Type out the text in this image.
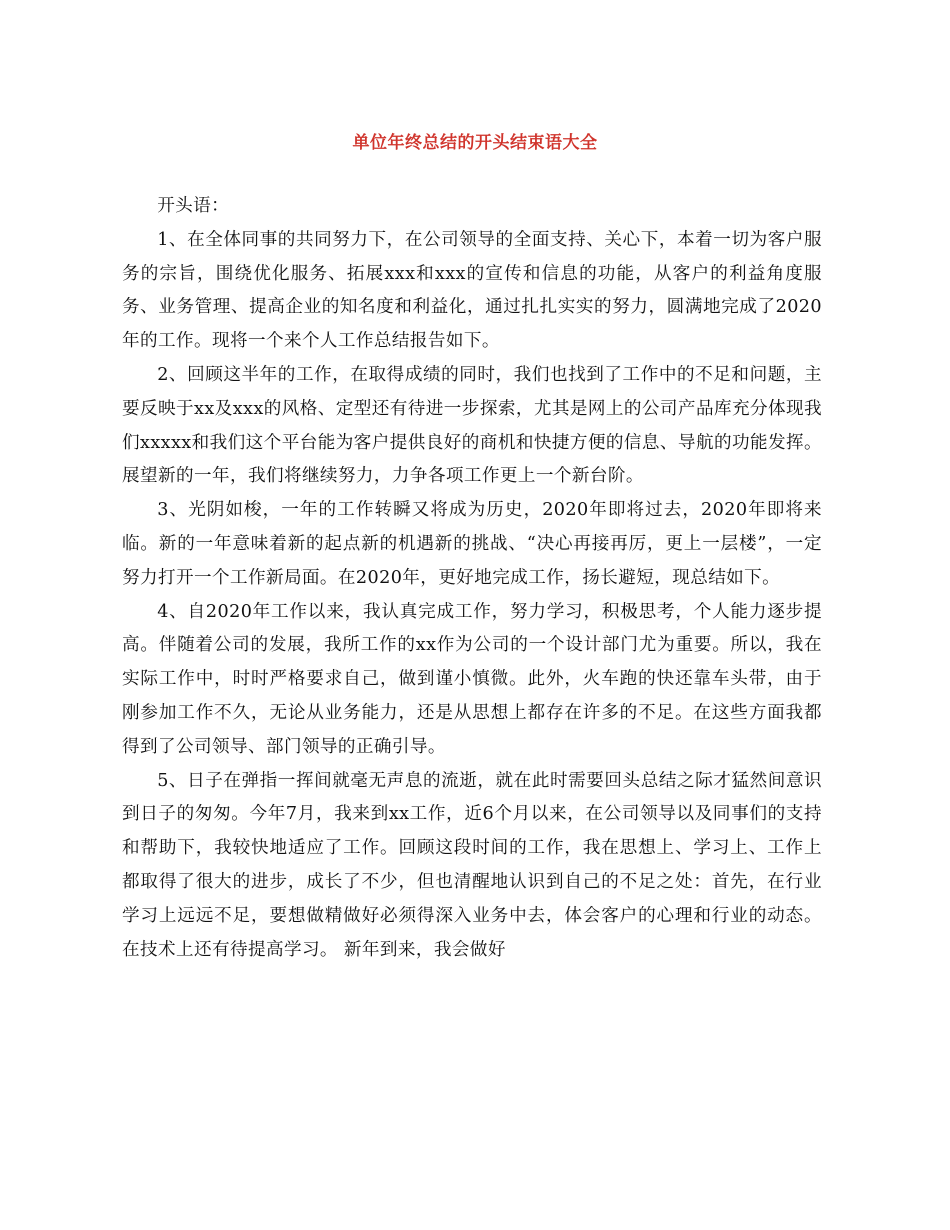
单位年终总结的开头结束语大全

开头语：

1、在全体同事的共同努力下，在公司领导的全面支持、关心下，本着一切为客户服务的宗旨，围绕优化服务、拓展xxx和xxx的宣传和信息的功能，从客户的利益角度服务、业务管理、提高企业的知名度和利益化，通过扎扎实实的努力，圆满地完成了2020年的工作。现将一个来个人工作总结报告如下。

2、回顾这半年的工作，在取得成绩的同时，我们也找到了工作中的不足和问题，主要反映于xx及xxx的风格、定型还有待进一步探索，尤其是网上的公司产品库充分体现我们xxxxx和我们这个平台能为客户提供良好的商机和快捷方便的信息、导航的功能发挥。展望新的一年，我们将继续努力，力争各项工作更上一个新台阶。

3、光阴如梭，一年的工作转瞬又将成为历史，2020年即将过去，2020年即将来临。新的一年意味着新的起点新的机遇新的挑战、“决心再接再厉，更上一层楼”，一定努力打开一个工作新局面。在2020年，更好地完成工作，扬长避短，现总结如下。

4、自2020年工作以来，我认真完成工作，努力学习，积极思考，个人能力逐步提高。伴随着公司的发展，我所工作的xx作为公司的一个设计部门尤为重要。所以，我在实际工作中，时时严格要求自己，做到谨小慎微。此外，火车跑的快还靠车头带，由于刚参加工作不久，无论从业务能力，还是从思想上都存在许多的不足。在这些方面我都得到了公司领导、部门领导的正确引导。

5、日子在弹指一挥间就毫无声息的流逝，就在此时需要回头总结之际才猛然间意识到日子的匆匆。今年7月，我来到xx工作，近6个月以来，在公司领导以及同事们的支持和帮助下，我较快地适应了工作。回顾这段时间的工作，我在思想上、学习上、工作上都取得了很大的进步，成长了不少，但也清醒地认识到自己的不足之处：首先，在行业学习上远远不足，要想做精做好必须得深入业务中去，体会客户的心理和行业的动态。在技术上还有待提高学习。 新年到来，我会做好
